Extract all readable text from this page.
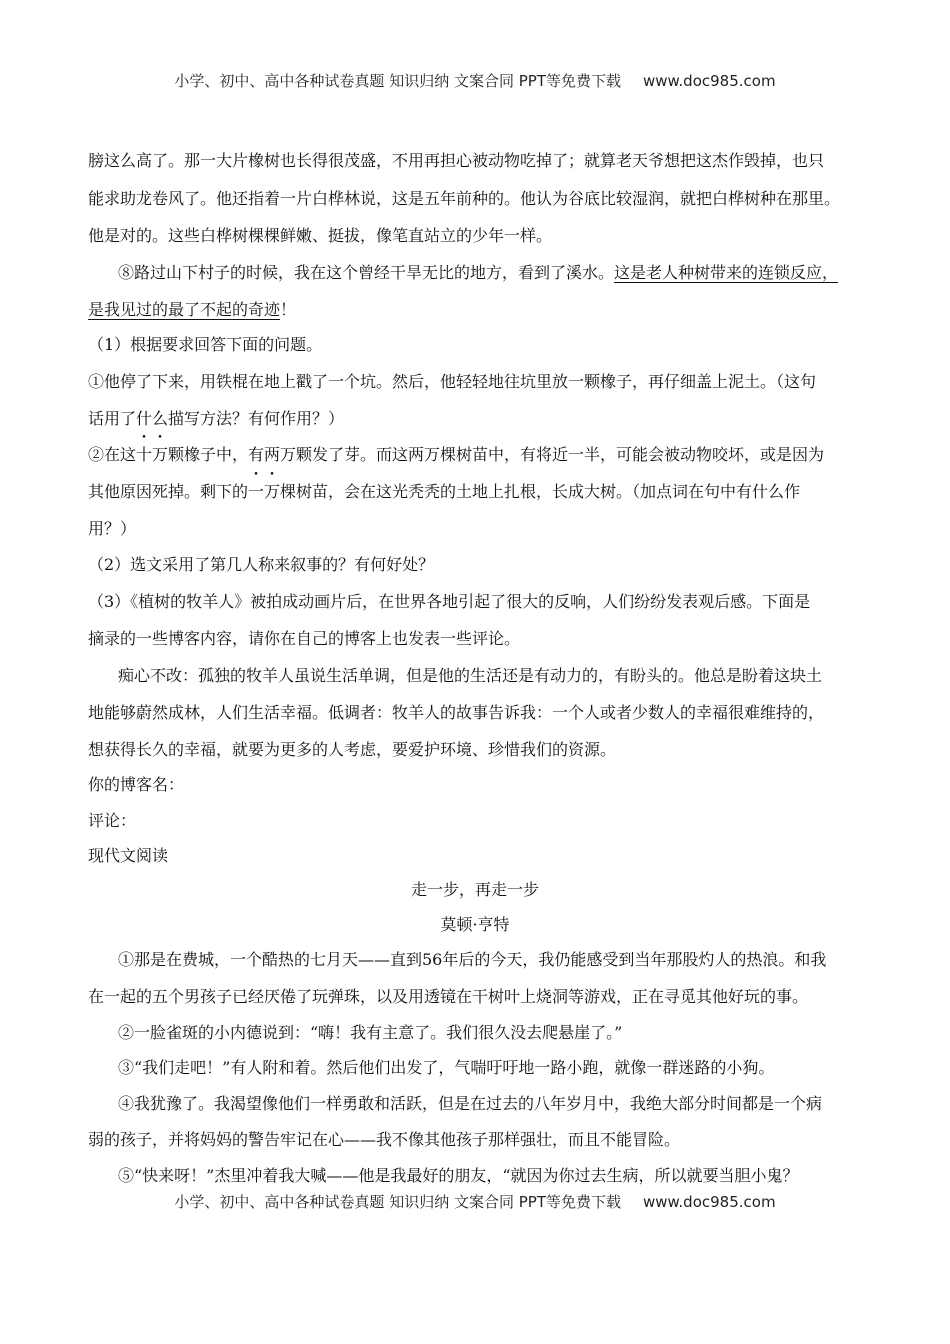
小学、初中、高中各种试卷真题 知识归纳 文案合同 PPT等免费下载 www.doc985.com
膀这么高了。那一大片橡树也长得很茂盛，不用再担心被动物吃掉了；就算老天爷想把这杰作毁掉，也只
能求助龙卷风了。他还指着一片白桦林说，这是五年前种的。他认为谷底比较湿润，就把白桦树种在那里。
他是对的。这些白桦树棵棵鲜嫩、挺拔，像笔直站立的少年一样。
⑧路过山下村子的时候，我在这个曾经干旱无比的地方，看到了溪水。这是老人种树带来的连锁反应，
是我见过的最了不起的奇迹！
（1）根据要求回答下面的问题。
①他停了下来，用铁棍在地上戳了一个坑。然后，他轻轻地往坑里放一颗橡子，再仔细盖上泥土。（这句
话用了什么描写方法？有何作用？）
②在这十万颗橡子中，有两万颗发了芽。而这两万棵树苗中，有将近一半，可能会被动物咬坏，或是因为
其他原因死掉。剩下的一万棵树苗，会在这光秃秃的土地上扎根，长成大树。（加点词在句中有什么作
用？）
（2）选文采用了第几人称来叙事的？有何好处？
（3）《植树的牧羊人》被拍成动画片后，在世界各地引起了很大的反响，人们纷纷发表观后感。下面是
摘录的一些博客内容，请你在自己的博客上也发表一些评论。
痴心不改：孤独的牧羊人虽说生活单调，但是他的生活还是有动力的，有盼头的。他总是盼着这块土
地能够蔚然成林，人们生活幸福。低调者：牧羊人的故事告诉我：一个人或者少数人的幸福很难维持的，
想获得长久的幸福，就要为更多的人考虑，要爱护环境、珍惜我们的资源。
你的博客名：
评论：
现代文阅读
走一步，再走一步
莫顿·亨特
①那是在费城，一个酷热的七月天——直到56年后的今天，我仍能感受到当年那股灼人的热浪。和我
在一起的五个男孩子已经厌倦了玩弹珠，以及用透镜在干树叶上烧洞等游戏，正在寻觅其他好玩的事。
②一脸雀斑的小内德说到：“嗨！我有主意了。我们很久没去爬悬崖了。”
③“我们走吧！”有人附和着。然后他们出发了，气喘吁吁地一路小跑，就像一群迷路的小狗。
④我犹豫了。我渴望像他们一样勇敢和活跃，但是在过去的八年岁月中，我绝大部分时间都是一个病
弱的孩子，并将妈妈的警告牢记在心——我不像其他孩子那样强壮，而且不能冒险。
⑤“快来呀！”杰里冲着我大喊——他是我最好的朋友，“就因为你过去生病，所以就要当胆小鬼？
小学、初中、高中各种试卷真题 知识归纳 文案合同 PPT等免费下载 www.doc985.com
